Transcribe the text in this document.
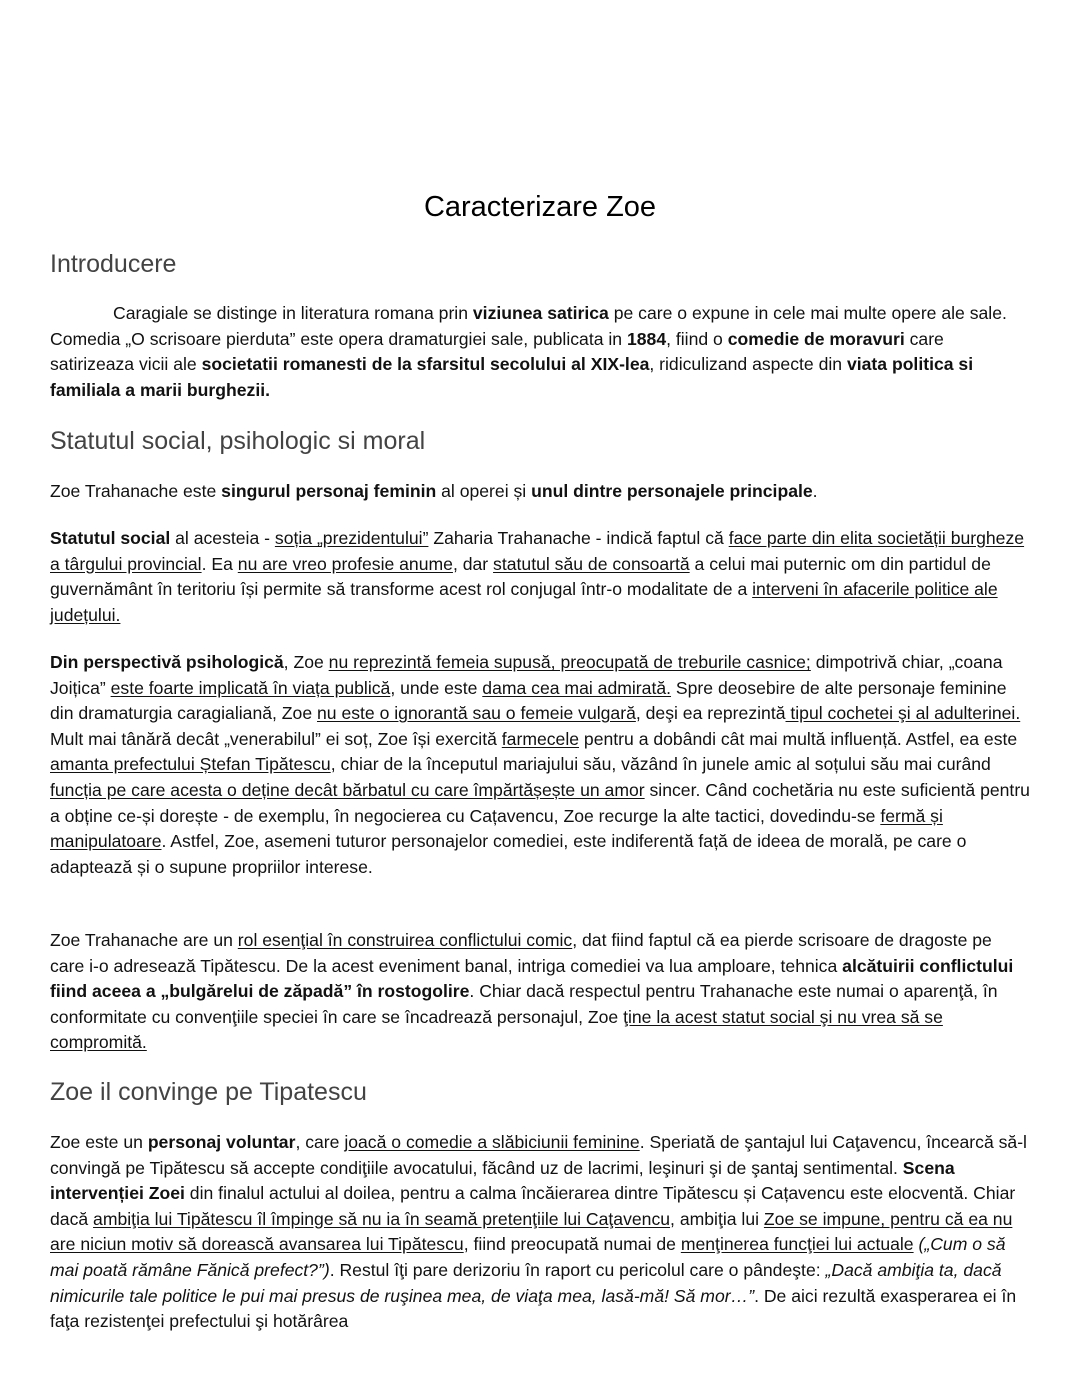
Caracterizare Zoe
Introducere

Caragiale se distinge in literatura romana prin viziunea satirica pe care o expune in cele mai multe opere ale sale. Comedia „O scrisoare pierduta” este opera dramaturgiei sale, publicata in 1884, fiind o comedie de moravuri care satirizeaza vicii ale societatii romanesti de la sfarsitul secolului al XIX-lea, ridiculizand aspecte din viata politica si familiala a marii burghezii.

Statutul social, psihologic si moral

Zoe Trahanache este singurul personaj feminin al operei și unul dintre personajele principale.

Statutul social al acesteia - soția „prezidentului” Zaharia Trahanache - indică faptul că face parte din elita societății burgheze a târgului provincial. Ea nu are vreo profesie anume, dar statutul său de consoartă a celui mai puternic om din partidul de guvernământ în teritoriu își permite să transforme acest rol conjugal într-o modalitate de a interveni în afacerile politice ale județului.

Din perspectivă psihologică, Zoe nu reprezintă femeia supusă, preocupată de treburile casnice; dimpotrivă chiar, „coana Joițica” este foarte implicată în viața publică, unde este dama cea mai admirată. Spre deosebire de alte personaje feminine din dramaturgia caragialiană, Zoe nu este o ignorantă sau o femeie vulgară, deşi ea reprezintă tipul cochetei şi al adulterinei. Mult mai tânără decât „venerabilul” ei soț, Zoe își exercită farmecele pentru a dobândi cât mai multă influență. Astfel, ea este amanta prefectului Ștefan Tipătescu, chiar de la începutul mariajului său, văzând în junele amic al soțului său mai curând funcția pe care acesta o deține decât bărbatul cu care împărtășește un amor sincer. Când cochetăria nu este suficientă pentru a obține ce-și dorește - de exemplu, în negocierea cu Cațavencu, Zoe recurge la alte tactici, dovedindu-se fermă și manipulatoare. Astfel, Zoe, asemeni tuturor personajelor comediei, este indiferentă față de ideea de morală, pe care o adaptează și o supune propriilor interese.

Zoe Trahanache are un rol esenţial în construirea conflictului comic, dat fiind faptul că ea pierde scrisoare de dragoste pe care i-o adresează Tipătescu. De la acest eveniment banal, intriga comediei va lua amploare, tehnica alcătuirii conflictului fiind aceea a „bulgărelui de zăpadă” în rostogolire. Chiar dacă respectul pentru Trahanache este numai o aparenţă, în conformitate cu convenţiile speciei în care se încadrează personajul, Zoe ţine la acest statut social şi nu vrea să se compromită.

Zoe il convinge pe Tipatescu

Zoe este un personaj voluntar, care joacă o comedie a slăbiciunii feminine. Speriată de şantajul lui Caţavencu, încearcă să-l convingă pe Tipătescu să accepte condiţiile avocatului, făcând uz de lacrimi, leşinuri şi de şantaj sentimental. Scena intervenției Zoei din finalul actului al doilea, pentru a calma încăierarea dintre Tipătescu și Cațavencu este elocventă. Chiar dacă ambiţia lui Tipătescu îl împinge să nu ia în seamă pretenţiile lui Caţavencu, ambiţia lui Zoe se impune, pentru că ea nu are niciun motiv să dorească avansarea lui Tipătescu, fiind preocupată numai de menţinerea funcţiei lui actuale („Cum o să mai poată rămâne Fănică prefect?”). Restul îţi pare derizoriu în raport cu pericolul care o pândeşte: „Dacă ambiţia ta, dacă nimicurile tale politice le pui mai presus de ruşinea mea, de viaţa mea, lasă-mă! Să mor…”. De aici rezultă exasperarea ei în faţa rezistenţei prefectului şi hotărârea
